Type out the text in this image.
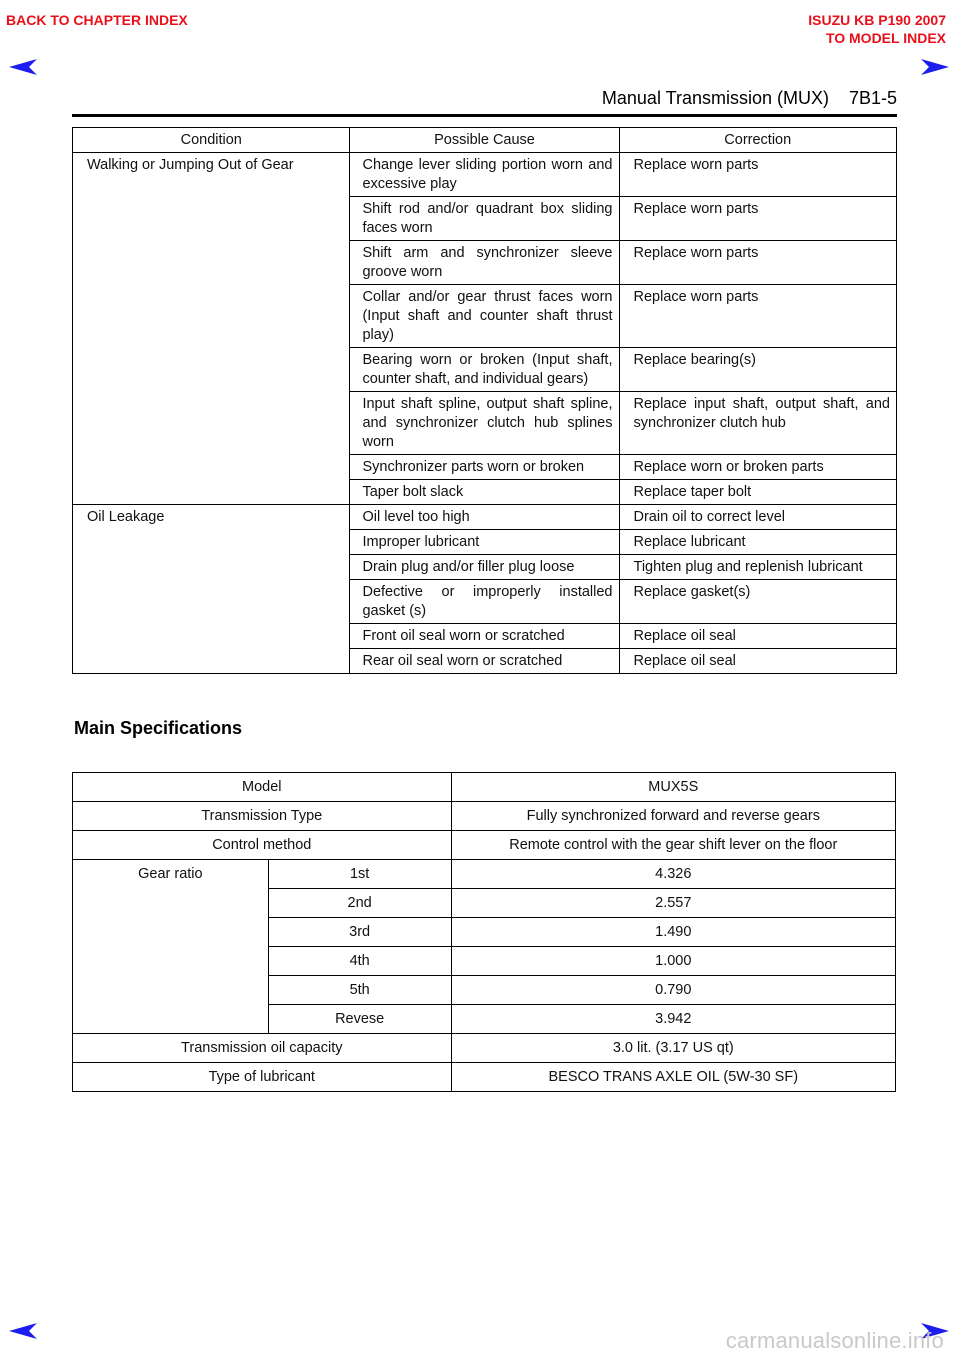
BACK TO CHAPTER INDEX	ISUZU KB P190 2007
TO MODEL INDEX
Manual Transmission (MUX)    7B1-5
Condition	Possible Cause	Correction
Walking or Jumping Out of Gear	Change lever sliding portion worn and excessive play	Replace worn parts
	Shift rod and/or quadrant box sliding faces worn	Replace worn parts
	Shift arm and synchronizer sleeve groove worn	Replace worn parts
	Collar and/or gear thrust faces worn (Input shaft and counter shaft thrust play)	Replace worn parts
	Bearing worn or broken (Input shaft, counter shaft, and individual gears)	Replace bearing(s)
	Input shaft spline, output shaft spline, and synchronizer clutch hub splines worn	Replace input shaft, output shaft, and synchronizer clutch hub
	Synchronizer parts worn or broken	Replace worn or broken parts
	Taper bolt slack	Replace taper bolt
Oil Leakage	Oil level too high	Drain oil to correct level
	Improper lubricant	Replace lubricant
	Drain plug and/or filler plug loose	Tighten plug and replenish lubricant
	Defective or improperly installed gasket (s)	Replace gasket(s)
	Front oil seal worn or scratched	Replace oil seal
	Rear oil seal worn or scratched	Replace oil seal
Main Specifications
Model		MUX5S
Transmission Type		Fully synchronized forward and reverse gears
Control method		Remote control with the gear shift lever on the floor
Gear ratio	1st	4.326
	2nd	2.557
	3rd	1.490
	4th	1.000
	5th	0.790
	Revese	3.942
Transmission oil capacity		3.0 lit. (3.17 US qt)
Type of lubricant		BESCO TRANS AXLE OIL (5W-30 SF)
carmanualsonline.info
